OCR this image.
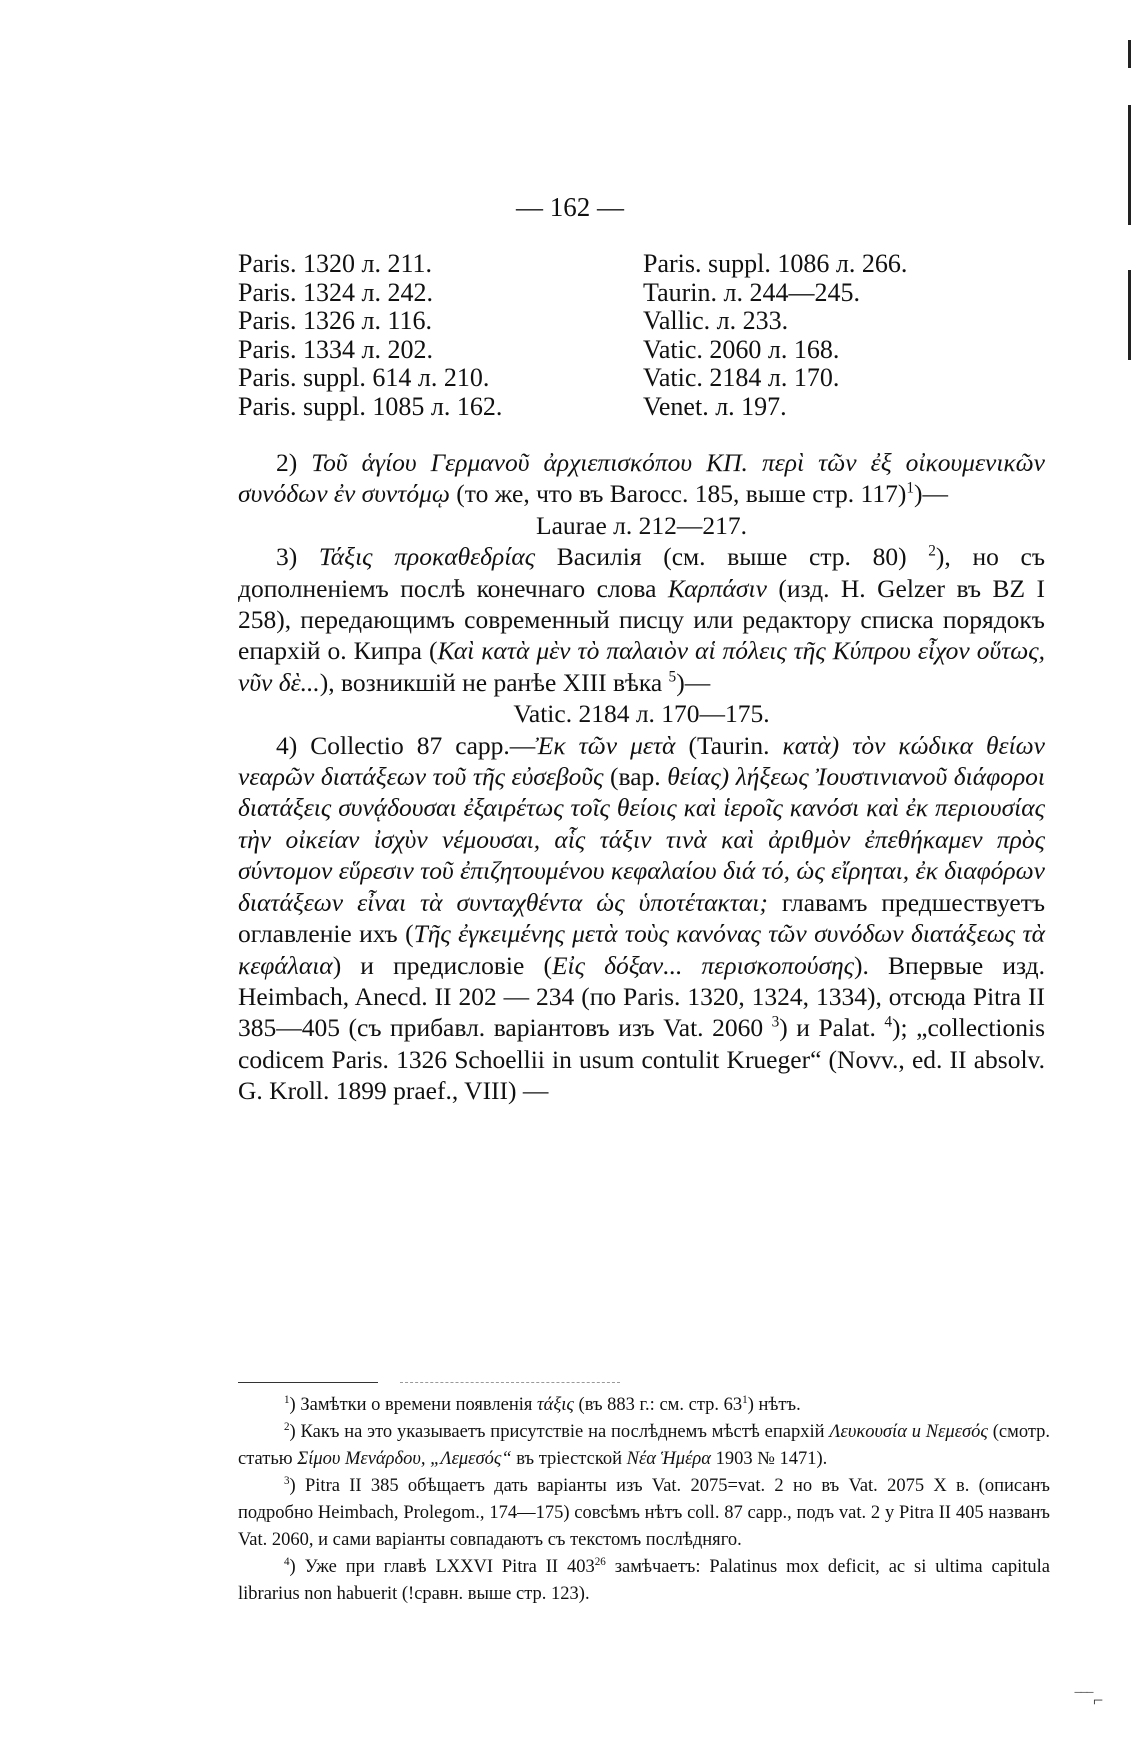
— 162 —
Paris. 1320 л. 211.
Paris. 1324 л. 242.
Paris. 1326 л. 116.
Paris. 1334 л. 202.
Paris. suppl. 614 л. 210.
Paris. suppl. 1085 л. 162.
Paris. suppl. 1086 л. 266.
Taurin. л. 244—245.
Vallic. л. 233.
Vatic. 2060 л. 168.
Vatic. 2184 л. 170.
Venet. л. 197.

2) Τοῦ ἁγίου Γερμανοῦ ἀρχιεπισκόπου ΚΠ. περὶ τῶν ἐξ οἰκουμενικῶν συνόδων ἐν συντόμῳ (то же, что въ Barocc. 185, выше стр. 117)$^1$)—

Laurae л. 212—217.

3) Τάξις προκαθεδρίας Василія (см. выше стр. 80) $^2$), но съ дополненіемъ послѣ конечнаго слова Καρπάσιν (изд. H. Gelzer въ BZ I 258), передающимъ современный писцу или редактору списка порядокъ епархій о. Кипра (Καὶ κατὰ μὲν τὸ παλαιὸν αἱ πόλεις τῆς Κύπρου εἶχον οὕτως, νῦν δὲ...), возникшій не ранѣе XIII вѣка $^5$)—

Vatic. 2184 л. 170—175.

4) Collectio 87 capp.—Ἐκ τῶν μετὰ (Taurin. κατὰ) τὸν κώδικα θείων νεαρῶν διατάξεων τοῦ τῆς εὐσεβοῦς (вар. θείας) λήξεως Ἰουστινιανοῦ διάφοροι διατάξεις συνᾴδουσαι ἐξαιρέτως τοῖς θείοις καὶ ἱεροῖς κανόσι καὶ ἐκ περιουσίας τὴν οἰκείαν ἰσχὺν νέμουσαι, αἷς τάξιν τινὰ καὶ ἀριθμὸν ἐπεθήκαμεν πρὸς σύντομον εὕρεσιν τοῦ ἐπιζητουμένου κεφαλαίου διά τό, ὡς εἴρηται, ἐκ διαφόρων διατάξεων εἶναι τὰ συνταχθέντα ὡς ὑποτέτακται; главамъ предшествуетъ оглавленіе ихъ (Τῆς ἐγκειμένης μετὰ τοὺς κανόνας τῶν συνόδων διατάξεως τὰ κεφάλαια) и предисловіе (Εἰς δόξαν... περισκοπούσης). Впервые изд. Heimbach, Anecd. II 202 — 234 (по Paris. 1320, 1324, 1334), отсюда Pitra II 385—405 (съ прибавл. варіантовъ изъ Vat. 2060 $^3$) и Palat. $^4$); „collectionis codicem Paris. 1326 Schoellii in usum contulit Krueger“ (Novv., ed. II absolv. G. Kroll. 1899 praef., VIII) —

$^1$) Замѣтки о времени появленія τάξις (въ 883 г.: см. стр. $63^1$) нѣтъ.

$^2$) Какъ на это указываетъ присутствіе на послѣднемъ мѣстѣ епархій Λευκουσία и Νεμεσός (смотр. статью Σίμου Μενάρδου, „Λεμεσός“ въ тріестской Νέα Ἡμέρα 1903 № 1471).

$^3$) Pitra II 385 обѣщаетъ дать варіанты изъ Vat. 2075=vat. 2 но въ Vat. 2075 X в. (описанъ подробно Heimbach, Prolegom., 174—175) совсѣмъ нѣтъ coll. 87 capp., подъ vat. 2 у Pitra II 405 названъ Vat. 2060, и сами варіанты совпадаютъ съ текстомъ послѣдняго.

$^4$) Уже при главѣ LXXVI Pitra II $403^{26}$ замѣчаетъ: Palatinus mox deficit, ac si ultima capitula librarius non habuerit (!сравн. выше стр. 123).

‾‾‾⌐
